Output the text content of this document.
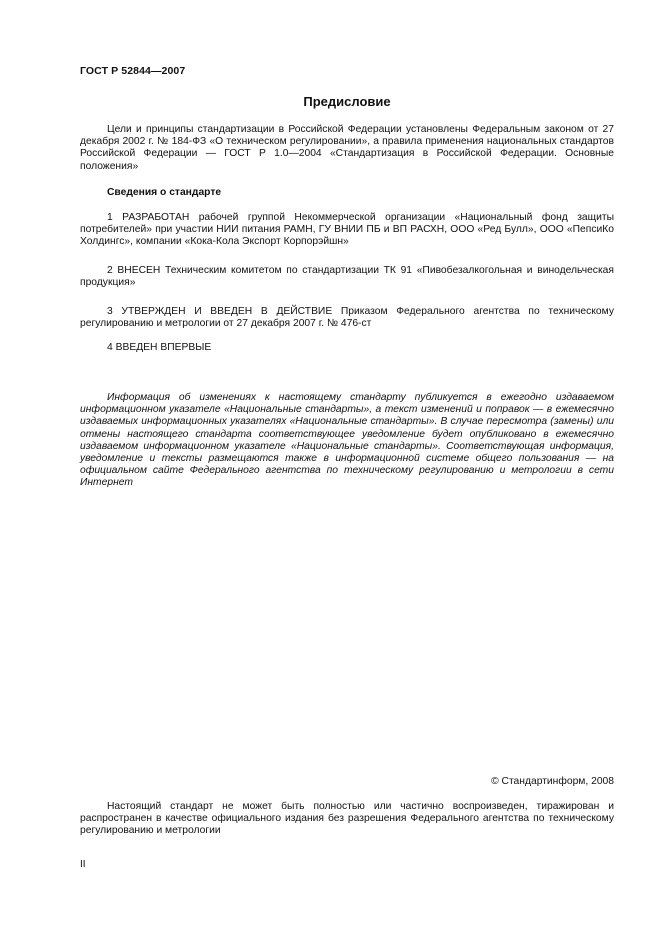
ГОСТ Р 52844—2007
Предисловие

Цели и принципы стандартизации в Российской Федерации установлены Федеральным законом от 27 декабря 2002 г. № 184-ФЗ «О техническом регулировании», а правила применения национальных стандартов Российской Федерации — ГОСТ Р 1.0—2004 «Стандартизация в Российской Федерации. Основные положения»

Сведения о стандарте

1 РАЗРАБОТАН рабочей группой Некоммерческой организации «Национальный фонд защиты потребителей» при участии НИИ питания РАМН, ГУ ВНИИ ПБ и ВП РАСХН, ООО «Ред Булл», ООО «ПепсиКо Холдингс», компании «Кока-Кола Экспорт Корпорэйшн»

2 ВНЕСЕН Техническим комитетом по стандартизации ТК 91 «Пивобезалкогольная и винодельческая продукция»

3 УТВЕРЖДЕН И ВВЕДЕН В ДЕЙСТВИЕ Приказом Федерального агентства по техническому регулированию и метрологии от 27 декабря 2007 г. № 476-ст

4 ВВЕДЕН ВПЕРВЫЕ

Информация об изменениях к настоящему стандарту публикуется в ежегодно издаваемом информационном указателе «Национальные стандарты», а текст изменений и поправок — в ежемесячно издаваемых информационных указателях «Национальные стандарты». В случае пересмотра (замены) или отмены настоящего стандарта соответствующее уведомление будет опубликовано в ежемесячно издаваемом информационном указателе «Национальные стандарты». Соответствующая информация, уведомление и тексты размещаются также в информационной системе общего пользования — на официальном сайте Федерального агентства по техническому регулированию и метрологии в сети Интернет

© Стандартинформ, 2008

Настоящий стандарт не может быть полностью или частично воспроизведен, тиражирован и распространен в качестве официального издания без разрешения Федерального агентства по техническому регулированию и метрологии

II
